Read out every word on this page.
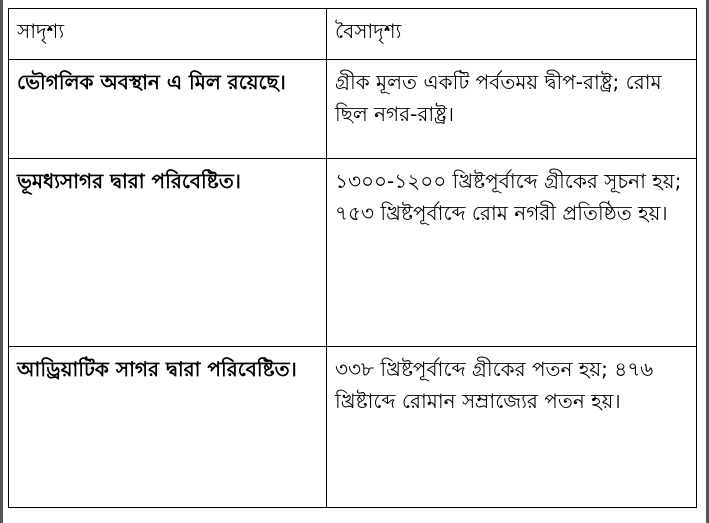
সাদৃশ্য	বৈসাদৃশ্য
ভৌগলিক অবস্থান এ মিল রয়েছে।	গ্রীক মূলত একটি পর্বতময় দ্বীপ-রাষ্ট্র; রোম ছিল নগর-রাষ্ট্র।

ভূমধ্যসাগর দ্বারা পরিবেষ্টিত।	১৩০০-১২০০ খ্রিষ্টপূর্বাব্দে গ্রীকের সূচনা হয়;
৭৫৩ খ্রিষ্টপূর্বাব্দে রোম নগরী প্রতিষ্ঠিত হয়।

আড্রিয়াটিক সাগর দ্বারা পরিবেষ্টিত।	৩৩৮ খ্রিষ্টপূর্বাব্দে গ্রীকের পতন হয়; ৪৭৬ খ্রিষ্টাব্দে রোমান সম্রাজ্যের পতন হয়।
